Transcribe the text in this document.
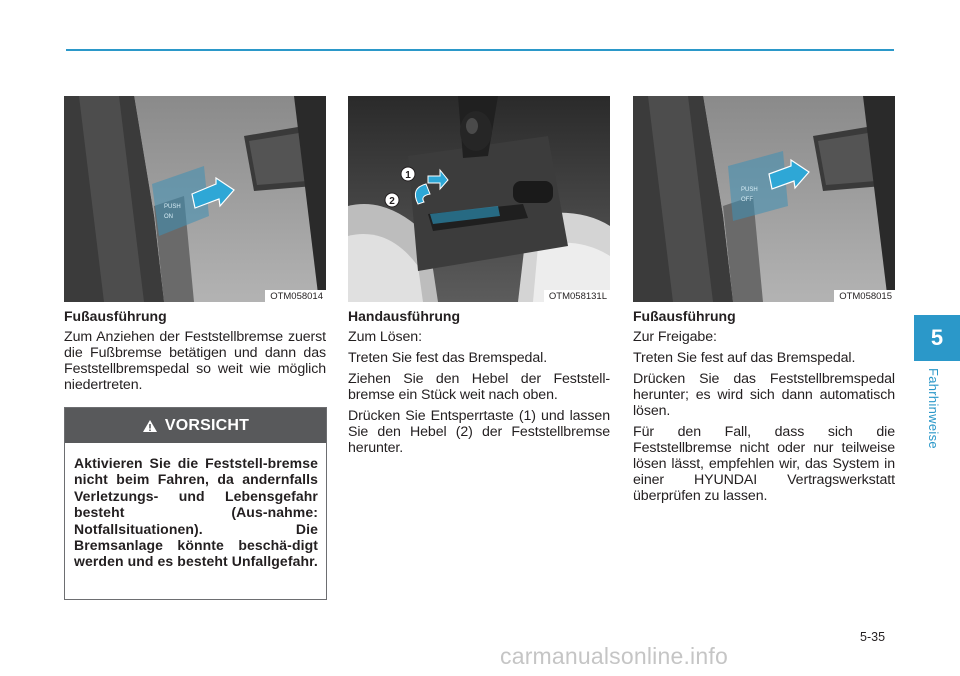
PUSH
ON
OTM058014
Fußausführung

Zum Anziehen der Feststellbremse zuerst die Fußbremse betätigen und dann das Feststellbremspedal so weit wie möglich niedertreten.

VORSICHT
Aktivieren Sie die Feststell-bremse nicht beim Fahren, da andernfalls Verletzungs- und Lebensgefahr besteht (Aus-nahme: Notfallsituationen). Die Bremsanlage könnte beschä-digt werden und es besteht Unfallgefahr.
1
2
OTM058131L
Handausführung

Zum Lösen:

Treten Sie fest das Bremspedal.

Ziehen Sie den Hebel der Feststell-bremse ein Stück weit nach oben.

Drücken Sie Entsperrtaste (1) und lassen Sie den Hebel (2) der Feststellbremse herunter.

PUSH
OFF
OTM058015
Fußausführung

Zur Freigabe:

Treten Sie fest auf das Bremspedal.

Drücken Sie das Feststellbremspedal herunter; es wird sich dann automatisch lösen.

Für den Fall, dass sich die Feststellbremse nicht oder nur teilweise lösen lässt, empfehlen wir, das System in einer HYUNDAI Vertragswerkstatt überprüfen zu lassen.

5
Fahrhinweise
5-35
carmanualsonline.info
